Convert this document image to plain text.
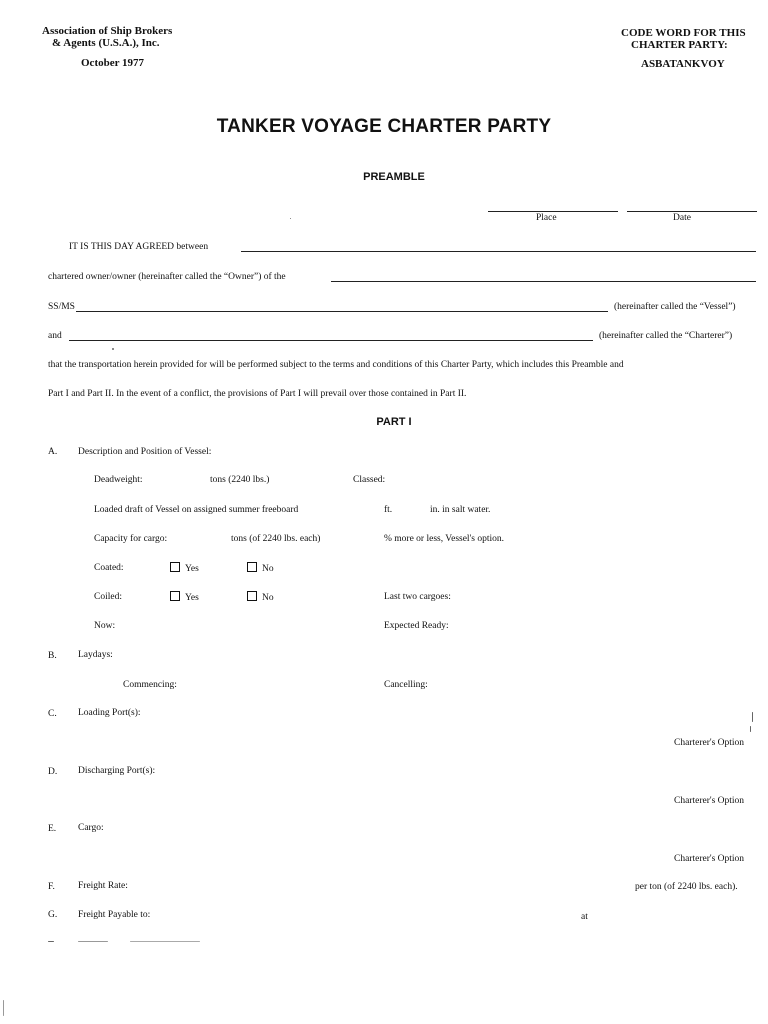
Association of Ship Brokers
& Agents (U.S.A.), Inc.
October 1977
CODE WORD FOR THIS
CHARTER PARTY:
ASBATANKVOY
TANKER VOYAGE CHARTER PARTY
PREAMBLE
Place	Date
IT IS THIS DAY AGREED between
chartered owner/owner (hereinafter called the “Owner”) of the
SS/MS	(hereinafter called the “Vessel”)
and	(hereinafter called the “Charterer”)
that the transportation herein provided for will be performed subject to the terms and conditions of this Charter Party, which includes this Preamble and
Part I and Part II. In the event of a conflict, the provisions of Part I will prevail over those contained in Part II.
PART I
A. Description and Position of Vessel:
Deadweight:	tons (2240 lbs.)	Classed:
Loaded draft of Vessel on assigned summer freeboard	ft.	in. in salt water.
Capacity for cargo:	tons (of 2240 lbs. each)	% more or less, Vessel's option.
Coated:	Yes	No
Coiled:	Yes	No	Last two cargoes:
Now:	Expected Ready:
B. Laydays:
Commencing:	Cancelling:
C. Loading Port(s):
Charterer's Option
D. Discharging Port(s):
Charterer's Option
E. Cargo:
Charterer's Option
F. Freight Rate:	per ton (of 2240 lbs. each).
G. Freight Payable to:	at
